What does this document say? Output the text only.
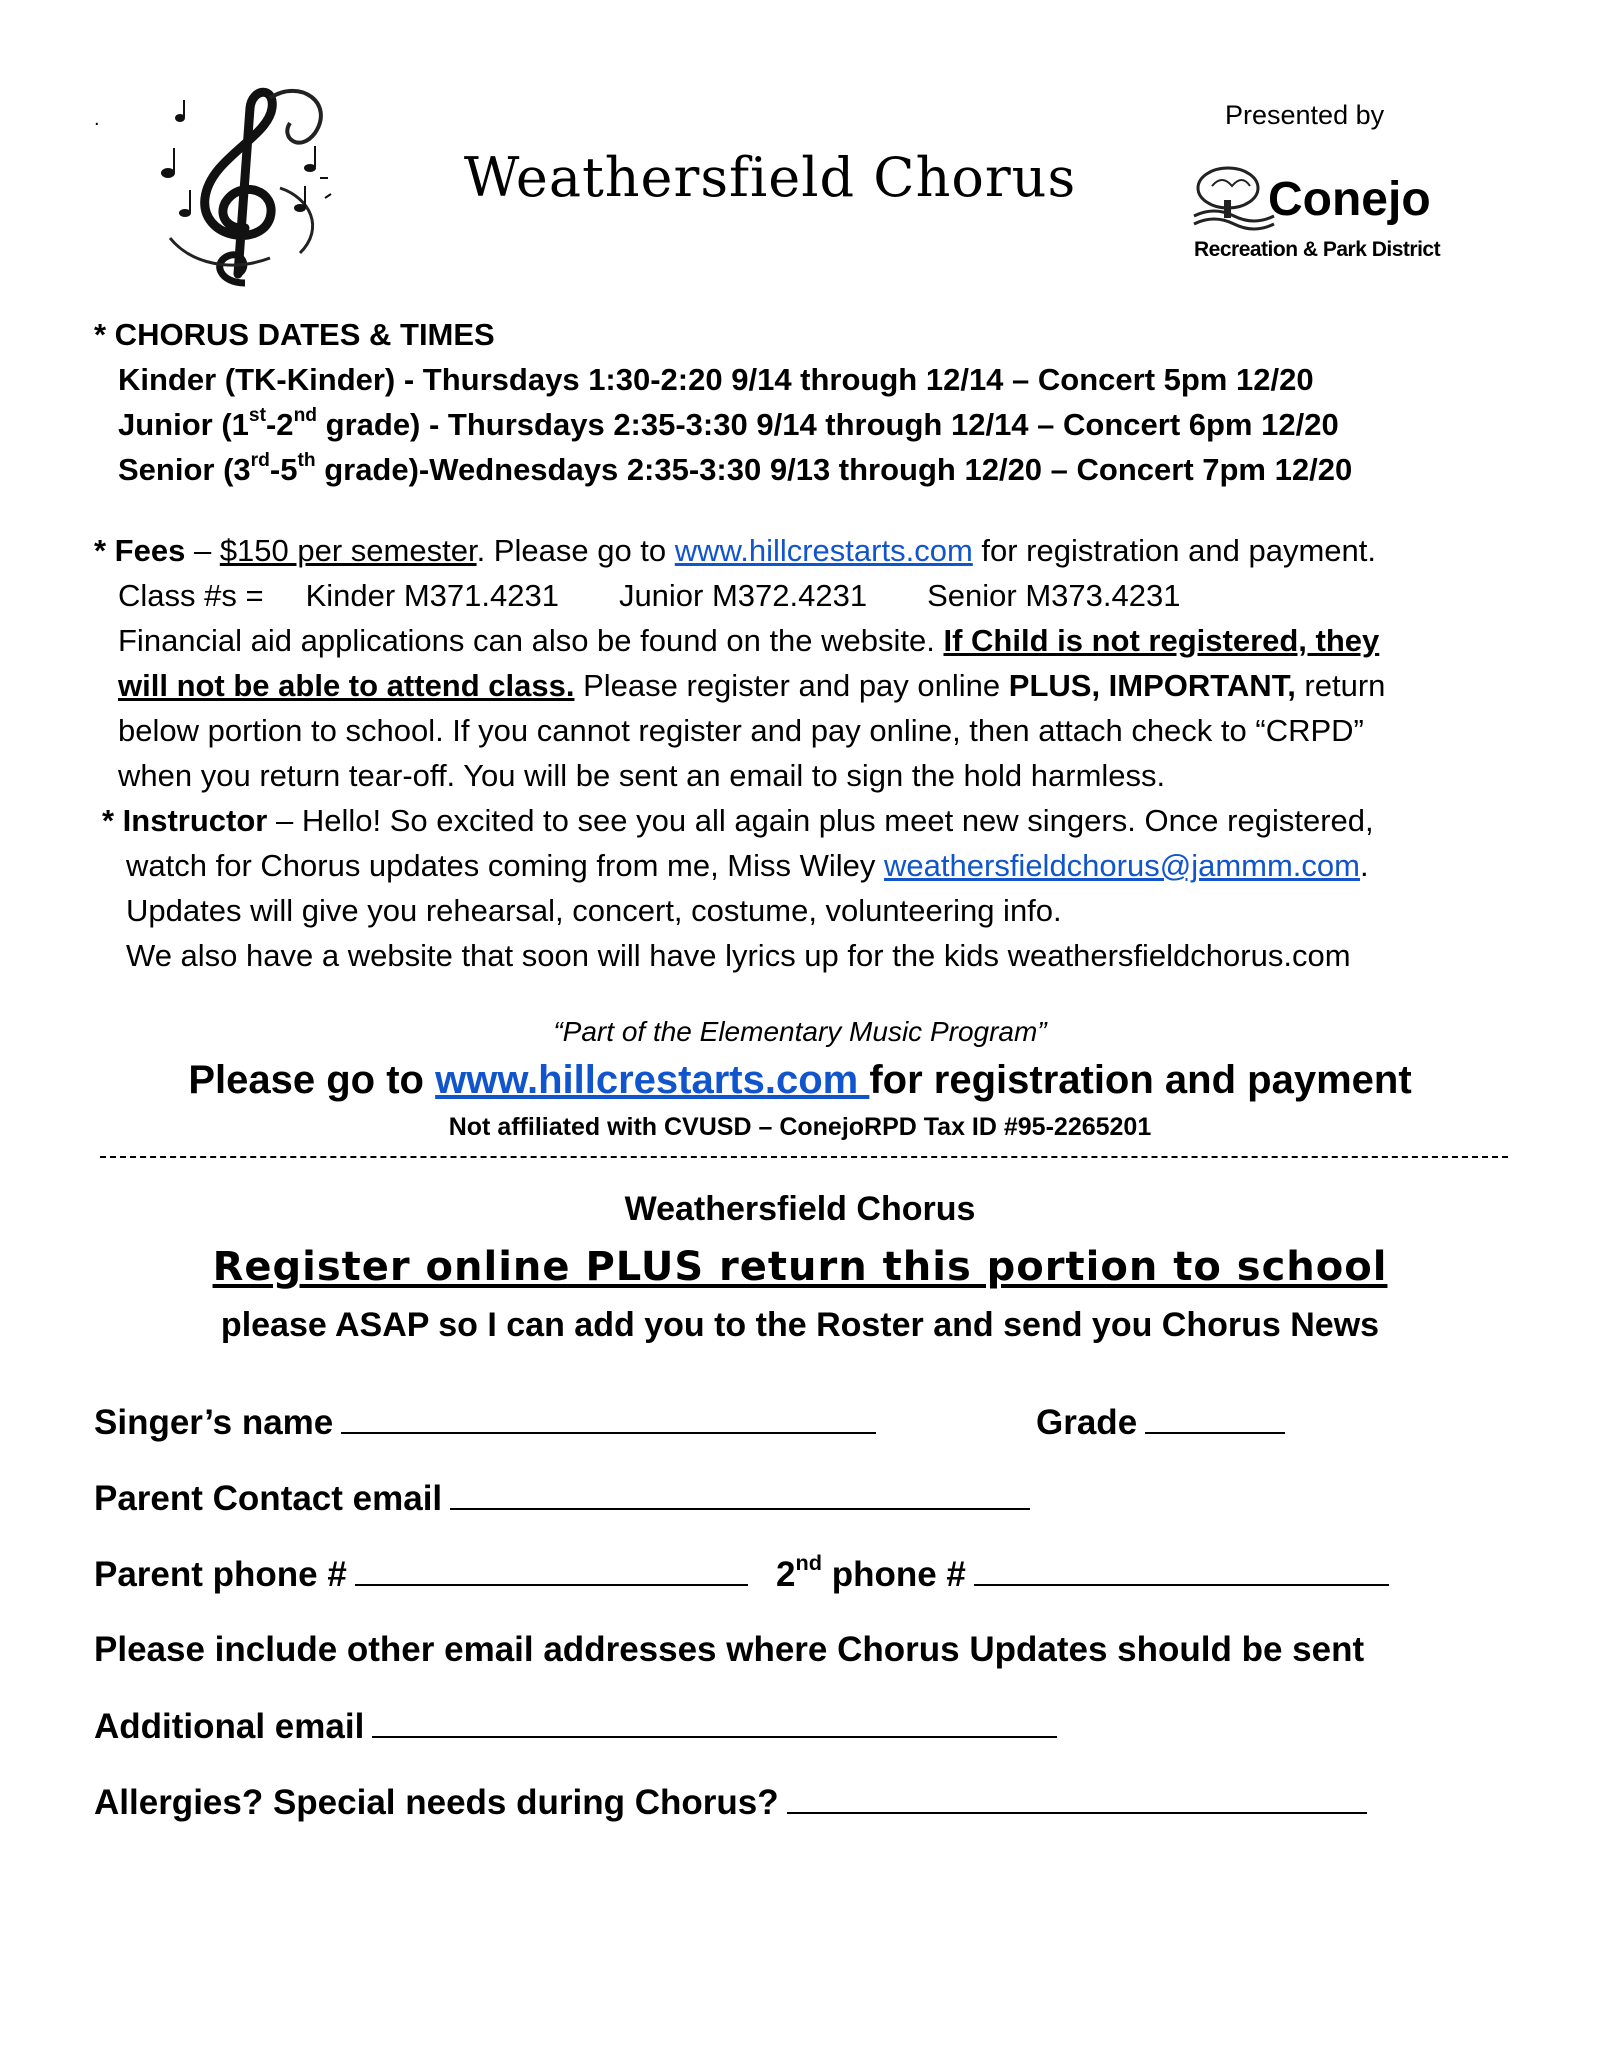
.
Weathersfield Chorus
Presented by
Conejo
Recreation & Park District
* CHORUS DATES & TIMES
Kinder (TK-Kinder) - Thursdays 1:30-2:20 9/14 through 12/14 – Concert 5pm 12/20
Junior (1st-2nd grade) - Thursdays 2:35-3:30 9/14 through 12/14 – Concert 6pm 12/20
Senior (3rd-5th grade)-Wednesdays 2:35-3:30 9/13 through 12/20 – Concert 7pm 12/20
* Fees – $150 per semester. Please go to www.hillcrestarts.com for registration and payment.
Class #s = Kinder M371.4231 Junior M372.4231 Senior M373.4231
Financial aid applications can also be found on the website. If Child is not registered, they
will not be able to attend class. Please register and pay online PLUS, IMPORTANT, return
below portion to school. If you cannot register and pay online, then attach check to “CRPD”
when you return tear-off. You will be sent an email to sign the hold harmless.
* Instructor – Hello! So excited to see you all again plus meet new singers. Once registered,
watch for Chorus updates coming from me, Miss Wiley weathersfieldchorus@jammm.com.
Updates will give you rehearsal, concert, costume, volunteering info.
We also have a website that soon will have lyrics up for the kids weathersfieldchorus.com
“Part of the Elementary Music Program”
Please go to www.hillcrestarts.com for registration and payment
Not affiliated with CVUSD – ConejoRPD Tax ID #95-2265201
Weathersfield Chorus
Register online PLUS return this portion to school
please ASAP so I can add you to the Roster and send you Chorus News
Singer’s name	Grade
Parent Contact email
Parent phone #	2nd phone #
Please include other email addresses where Chorus Updates should be sent
Additional email
Allergies? Special needs during Chorus?
